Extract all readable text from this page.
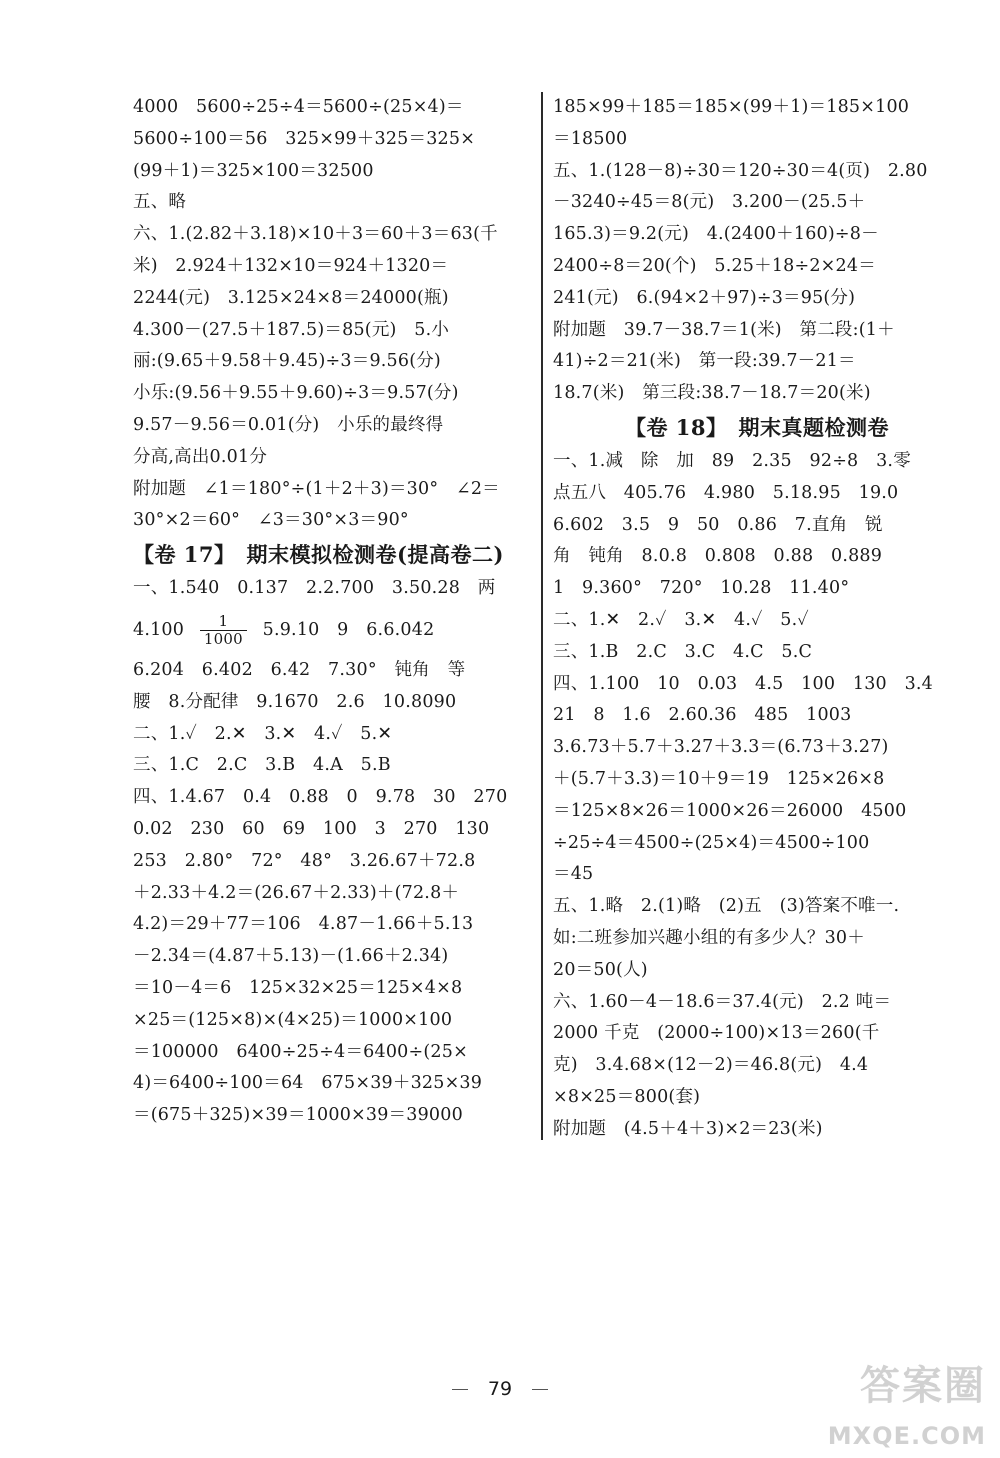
4000　5600÷25÷4＝5600÷(25×4)＝
5600÷100＝56　325×99＋325＝325×
(99＋1)＝325×100＝32500
五、略
六、1.(2.82＋3.18)×10＋3＝60＋3＝63(千
米)　2.924＋132×10＝924＋1320＝
2244(元)　3.125×24×8＝24000(瓶)
4.300－(27.5＋187.5)＝85(元)　5.小
丽:(9.65＋9.58＋9.45)÷3＝9.56(分)
小乐:(9.56＋9.55＋9.60)÷3＝9.57(分)
9.57－9.56＝0.01(分)　小乐的最终得
分高,高出0.01分
附加题　∠1＝180°÷(1＋2＋3)＝30°　∠2＝
30°×2＝60°　∠3＝30°×3＝90°
【卷 17】　期末模拟检测卷(提高卷二)
一、1.540　0.137　2.2.700　3.50.28　两
$4.100 \frac{1}{1000} 5.9.10$　9　6.6.042
6.204　6.402　6.42　7.30°　钝角　等
腰　8.分配律　9.1670　2.6　10.8090
二、1.✓　2.✕　3.✕　4.✓　5.✕
三、1.C　2.C　3.B　4.A　5.B
四、1.4.67　0.4　0.88　0　9.78　30　270
0.02　230　60　69　100　3　270　130
253　2.80°　72°　48°　3.26.67＋72.8
＋2.33＋4.2＝(26.67＋2.33)＋(72.8＋
4.2)＝29＋77＝106　4.87－1.66＋5.13
－2.34＝(4.87＋5.13)－(1.66＋2.34)
＝10－4＝6　125×32×25＝125×4×8
×25＝(125×8)×(4×25)＝1000×100
＝100000　6400÷25÷4＝6400÷(25×
4)＝6400÷100＝64　675×39＋325×39
＝(675＋325)×39＝1000×39＝39000
185×99＋185＝185×(99＋1)＝185×100
＝18500
五、1.(128－8)÷30＝120÷30＝4(页)　2.80
－3240÷45＝8(元)　3.200－(25.5＋
165.3)＝9.2(元)　4.(2400＋160)÷8－
2400÷8＝20(个)　5.25＋18÷2×24＝
241(元)　6.(94×2＋97)÷3＝95(分)
附加题　39.7－38.7＝1(米)　第二段:(1＋
41)÷2＝21(米)　第一段:39.7－21＝
18.7(米)　第三段:38.7－18.7＝20(米)
【卷 18】　期末真题检测卷
一、1.减　除　加　89　2.35　92÷8　3.零
点五八　405.76　4.980　5.18.95　19.0
6.602　3.5　9　50　0.86　7.直角　锐
角　钝角　8.0.8　0.808　0.88　0.889
1　9.360°　720°　10.28　11.40°
二、1.✕　2.✓　3.✕　4.✓　5.✓
三、1.B　2.C　3.C　4.C　5.C
四、1.100　10　0.03　4.5　100　130　3.4
21　8　1.6　2.60.36　485　1003
3.6.73＋5.7＋3.27＋3.3＝(6.73＋3.27)
＋(5.7＋3.3)＝10＋9＝19　125×26×8
＝125×8×26＝1000×26＝26000　4500
÷25÷4＝4500÷(25×4)＝4500÷100
＝45
五、1.略　2.(1)略　(2)五　(3)答案不唯一.
如:二班参加兴趣小组的有多少人？30＋
20＝50(人)
六、1.60－4－18.6＝37.4(元)　2.2 吨＝
2000 千克　(2000÷100)×13＝260(千
克)　3.4.68×(12－2)＝46.8(元)　4.4
×8×25＝800(套)
附加题　(4.5＋4＋3)×2＝23(米)
79	答案圈
MXQE.COM
